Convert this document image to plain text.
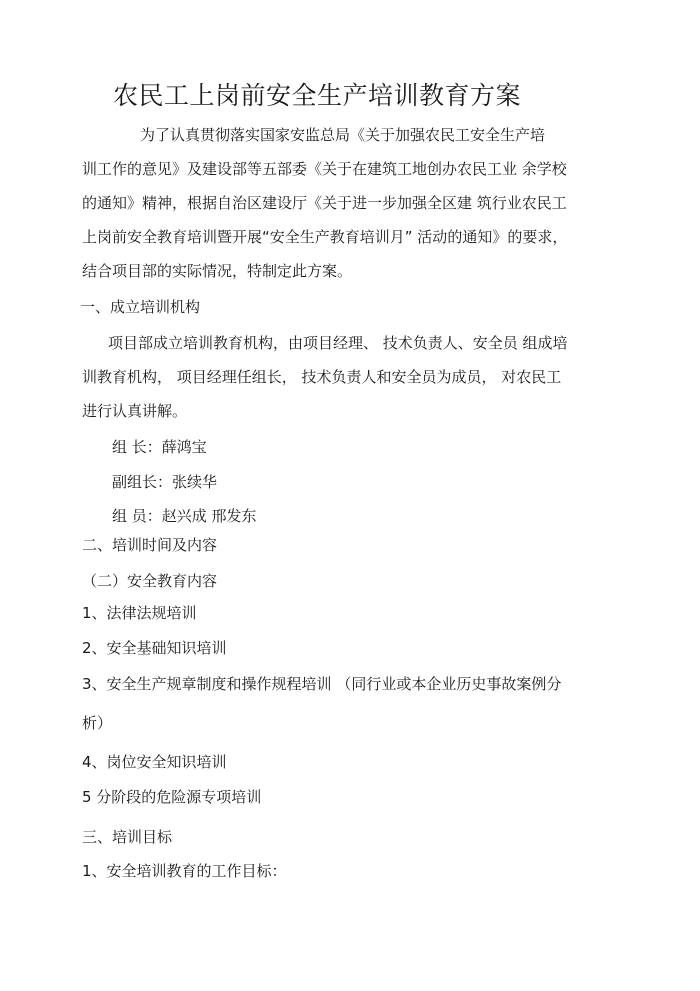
农民工上岗前安全生产培训教育方案
为了认真贯彻落实国家安监总局《关于加强农民工安全生产培
训工作的意见》及建设部等五部委《关于在建筑工地创办农民工业 余学校
的通知》精神，根据自治区建设厅《关于进一步加强全区建 筑行业农民工
上岗前安全教育培训暨开展“安全生产教育培训月” 活动的通知》的要求，
结合项目部的实际情况，特制定此方案。
一、成立培训机构
项目部成立培训教育机构，由项目经理、 技术负责人、安全员 组成培
训教育机构， 项目经理任组长， 技术负责人和安全员为成员， 对农民工
进行认真讲解。
组 长：薛鸿宝
副组长：张续华
组 员：赵兴成 邢发东
二、培训时间及内容
（二）安全教育内容
1、法律法规培训
2、安全基础知识培训
3、安全生产规章制度和操作规程培训 （同行业或本企业历史事故案例分
析）
4、岗位安全知识培训
5 分阶段的危险源专项培训
三、培训目标
1、安全培训教育的工作目标：
